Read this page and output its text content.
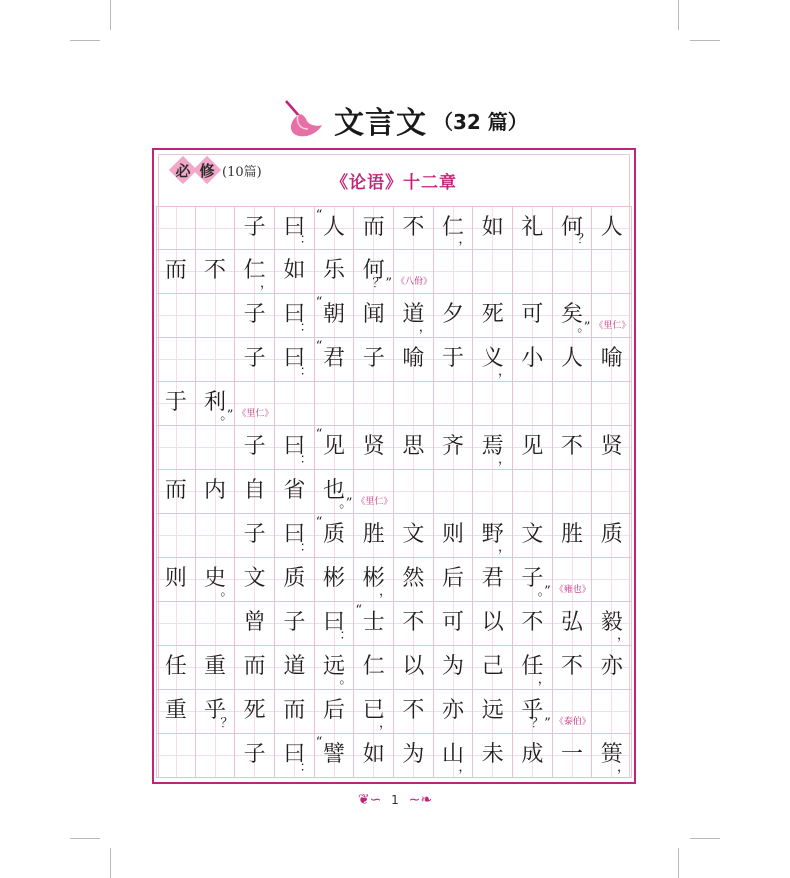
文言文 （32 篇）
必 修 (10篇)
《论语》十二章
子 曰
： 人
“	而 不 仁
， 如 礼 何
？ 人
而 不 仁
，
如 乐 何
？” 《八佾》
子 曰
：
朝
“	闻 道
，
夕 死 可 矣
。” 《里仁》
子 曰
：
君
“	子 喻 于 义
，
小 人 喻
于 利
。” 《里仁》
子 曰
：
见
“	贤 思 齐 焉
，
见 不 贤
而 内 自 省 也
。” 《里仁》
子 曰
：
质
“	胜 文 则 野
，
文 胜 质
则 史
。
文 质 彬 彬
，
然 后 君 子
。” 《雍也》
曾 子 曰
：
士
“	不 可 以 不 弘 毅
，
任 重 而 道 远
。
仁 以 为 己 任
，
不 亦
重 乎
？
死 而 后 已
，
不 亦 远 乎
？” 《泰伯》
子 曰
：
譬
“	如 为 山
，
未 成 一 篑
，
❦∽ 1 ∼❧
